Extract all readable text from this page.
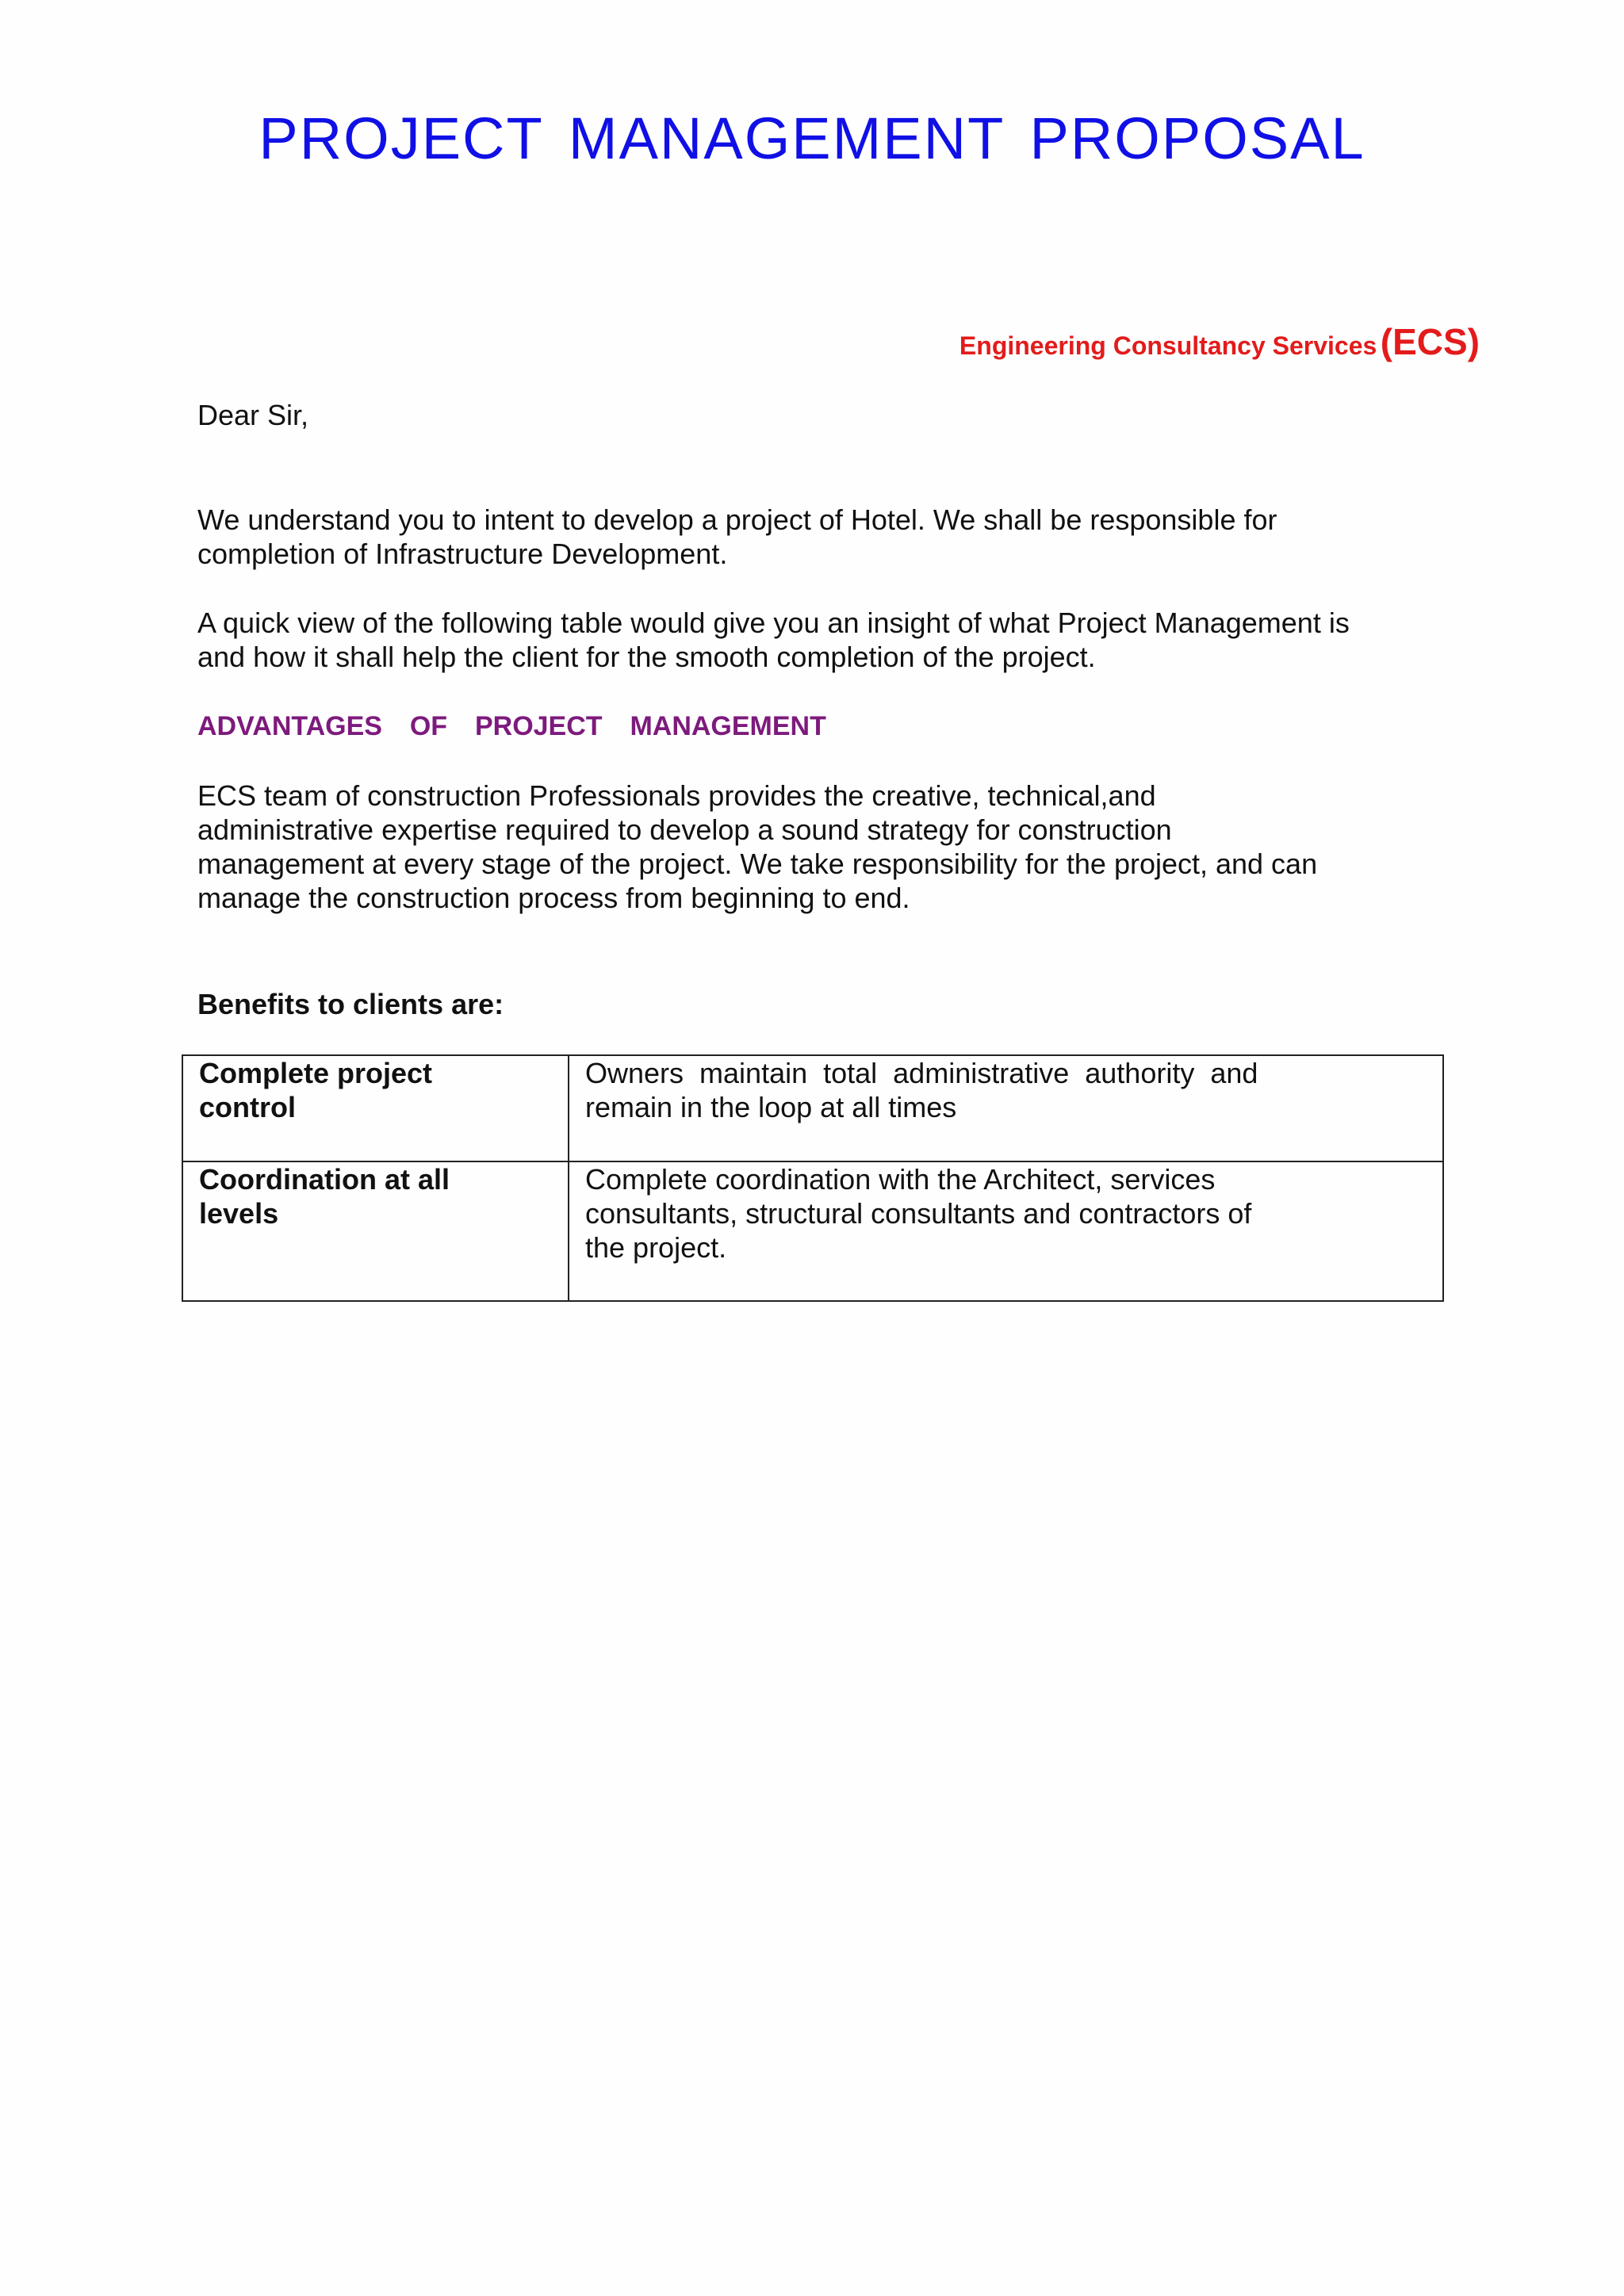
PROJECT MANAGEMENT PROPOSAL
Engineering Consultancy Services (ECS)

Dear Sir,

We understand you to intent to develop a project of Hotel. We shall be responsible for
completion of Infrastructure Development.

A quick view of the following table would give you an insight of what Project Management is
and how it shall help the client for the smooth completion of the project.

ADVANTAGES  OF  PROJECT  MANAGEMENT

ECS team of construction Professionals provides the creative, technical,and
administrative expertise required to develop a sound strategy for construction
management at every stage of the project. We take responsibility for the project, and can
manage the construction process from beginning to end.

Benefits to clients are:
Complete project
control	Owners  maintain  total  administrative  authority  and
remain in the loop at all times

Coordination at all
levels	Complete coordination with the Architect, services
consultants, structural consultants and contractors of
the project.
